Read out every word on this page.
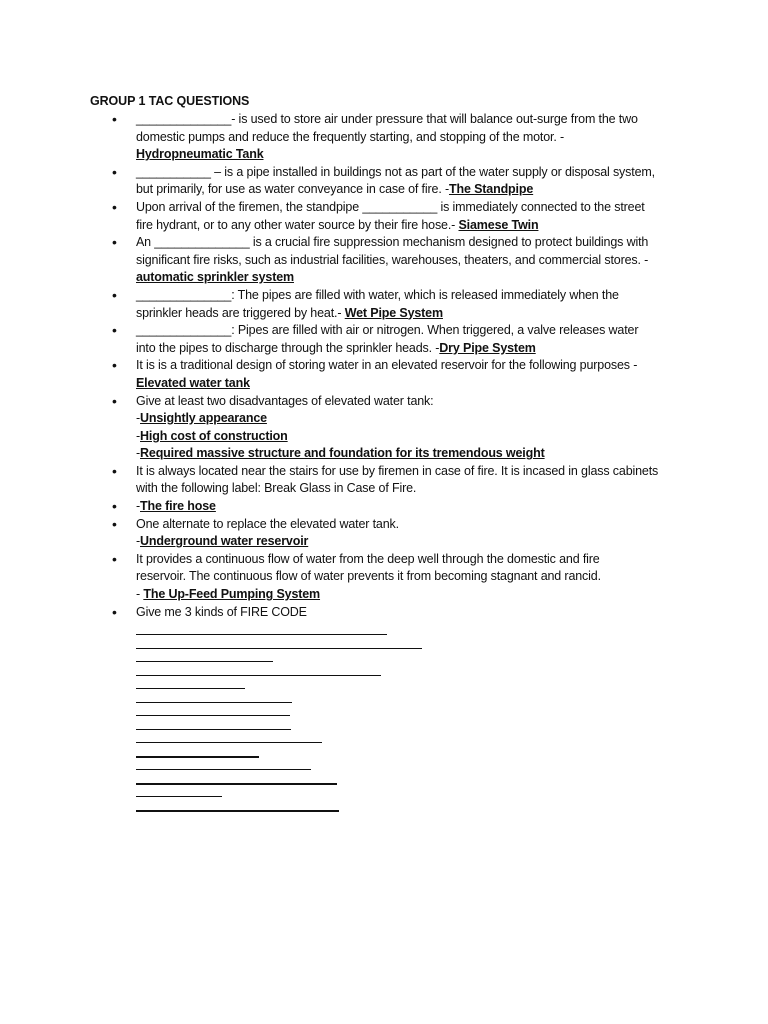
GROUP 1 TAC QUESTIONS
• ______________- is used to store air under pressure that will balance out-surge from the two
domestic pumps and reduce the frequently starting, and stopping of the motor. -
Hydropneumatic Tank
• ___________ – is a pipe installed in buildings not as part of the water supply or disposal system,
but primarily, for use as water conveyance in case of fire. -The Standpipe
• Upon arrival of the firemen, the standpipe ___________ is immediately connected to the street
fire hydrant, or to any other water source by their fire hose.- Siamese Twin
• An ______________ is a crucial fire suppression mechanism designed to protect buildings with
significant fire risks, such as industrial facilities, warehouses, theaters, and commercial stores. -
automatic sprinkler system
• ______________: The pipes are filled with water, which is released immediately when the
sprinkler heads are triggered by heat.- Wet Pipe System
• ______________: Pipes are filled with air or nitrogen. When triggered, a valve releases water
into the pipes to discharge through the sprinkler heads. -Dry Pipe System
• It is is a traditional design of storing water in an elevated reservoir for the following purposes -
Elevated water tank
• Give at least two disadvantages of elevated water tank:
-Unsightly appearance
-High cost of construction
-Required massive structure and foundation for its tremendous weight
• It is always located near the stairs for use by firemen in case of fire. It is incased in glass cabinets
with the following label: Break Glass in Case of Fire.
• -The fire hose
• One alternate to replace the elevated water tank.
-Underground water reservoir
• It provides a continuous flow of water from the deep well through the domestic and fire
reservoir. The continuous flow of water prevents it from becoming stagnant and rancid.
- The Up-Feed Pumping System
• Give me 3 kinds of FIRE CODE
